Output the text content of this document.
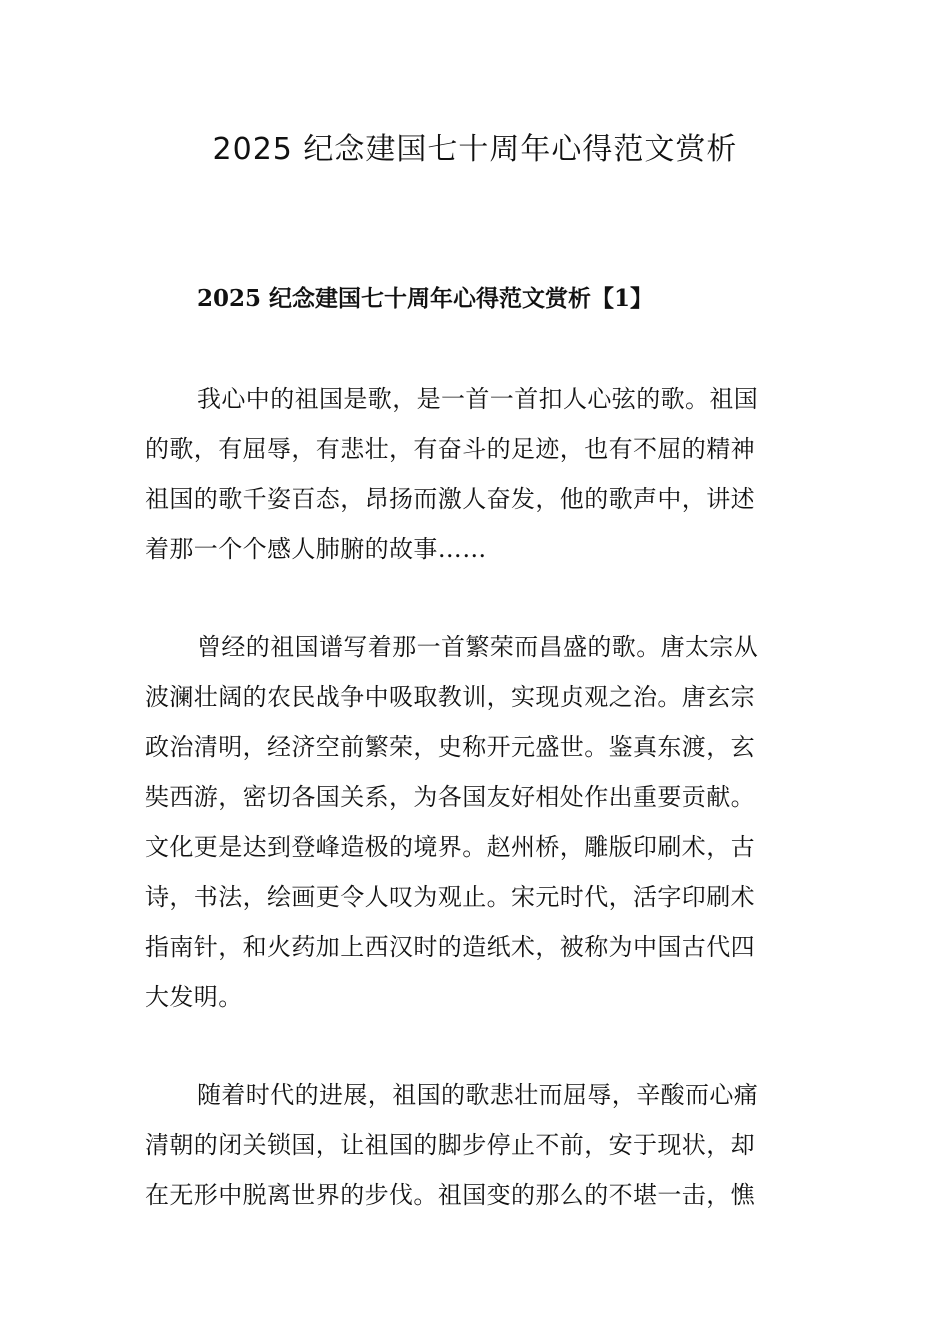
2025 纪念建国七十周年心得范文赏析
2025 纪念建国七十周年心得范文赏析【1】
我心中的祖国是歌，是一首一首扣人心弦的歌。祖国
的歌，有屈辱，有悲壮，有奋斗的足迹，也有不屈的精神
祖国的歌千姿百态，昂扬而激人奋发，他的歌声中，讲述
着那一个个感人肺腑的故事……
曾经的祖国谱写着那一首繁荣而昌盛的歌。唐太宗从
波澜壮阔的农民战争中吸取教训，实现贞观之治。唐玄宗
政治清明，经济空前繁荣，史称开元盛世。鉴真东渡，玄
奘西游，密切各国关系，为各国友好相处作出重要贡献。
文化更是达到登峰造极的境界。赵州桥，雕版印刷术，古
诗，书法，绘画更令人叹为观止。宋元时代，活字印刷术
指南针，和火药加上西汉时的造纸术，被称为中国古代四
大发明。
随着时代的进展，祖国的歌悲壮而屈辱，辛酸而心痛
清朝的闭关锁国，让祖国的脚步停止不前，安于现状，却
在无形中脱离世界的步伐。祖国变的那么的不堪一击，憔
